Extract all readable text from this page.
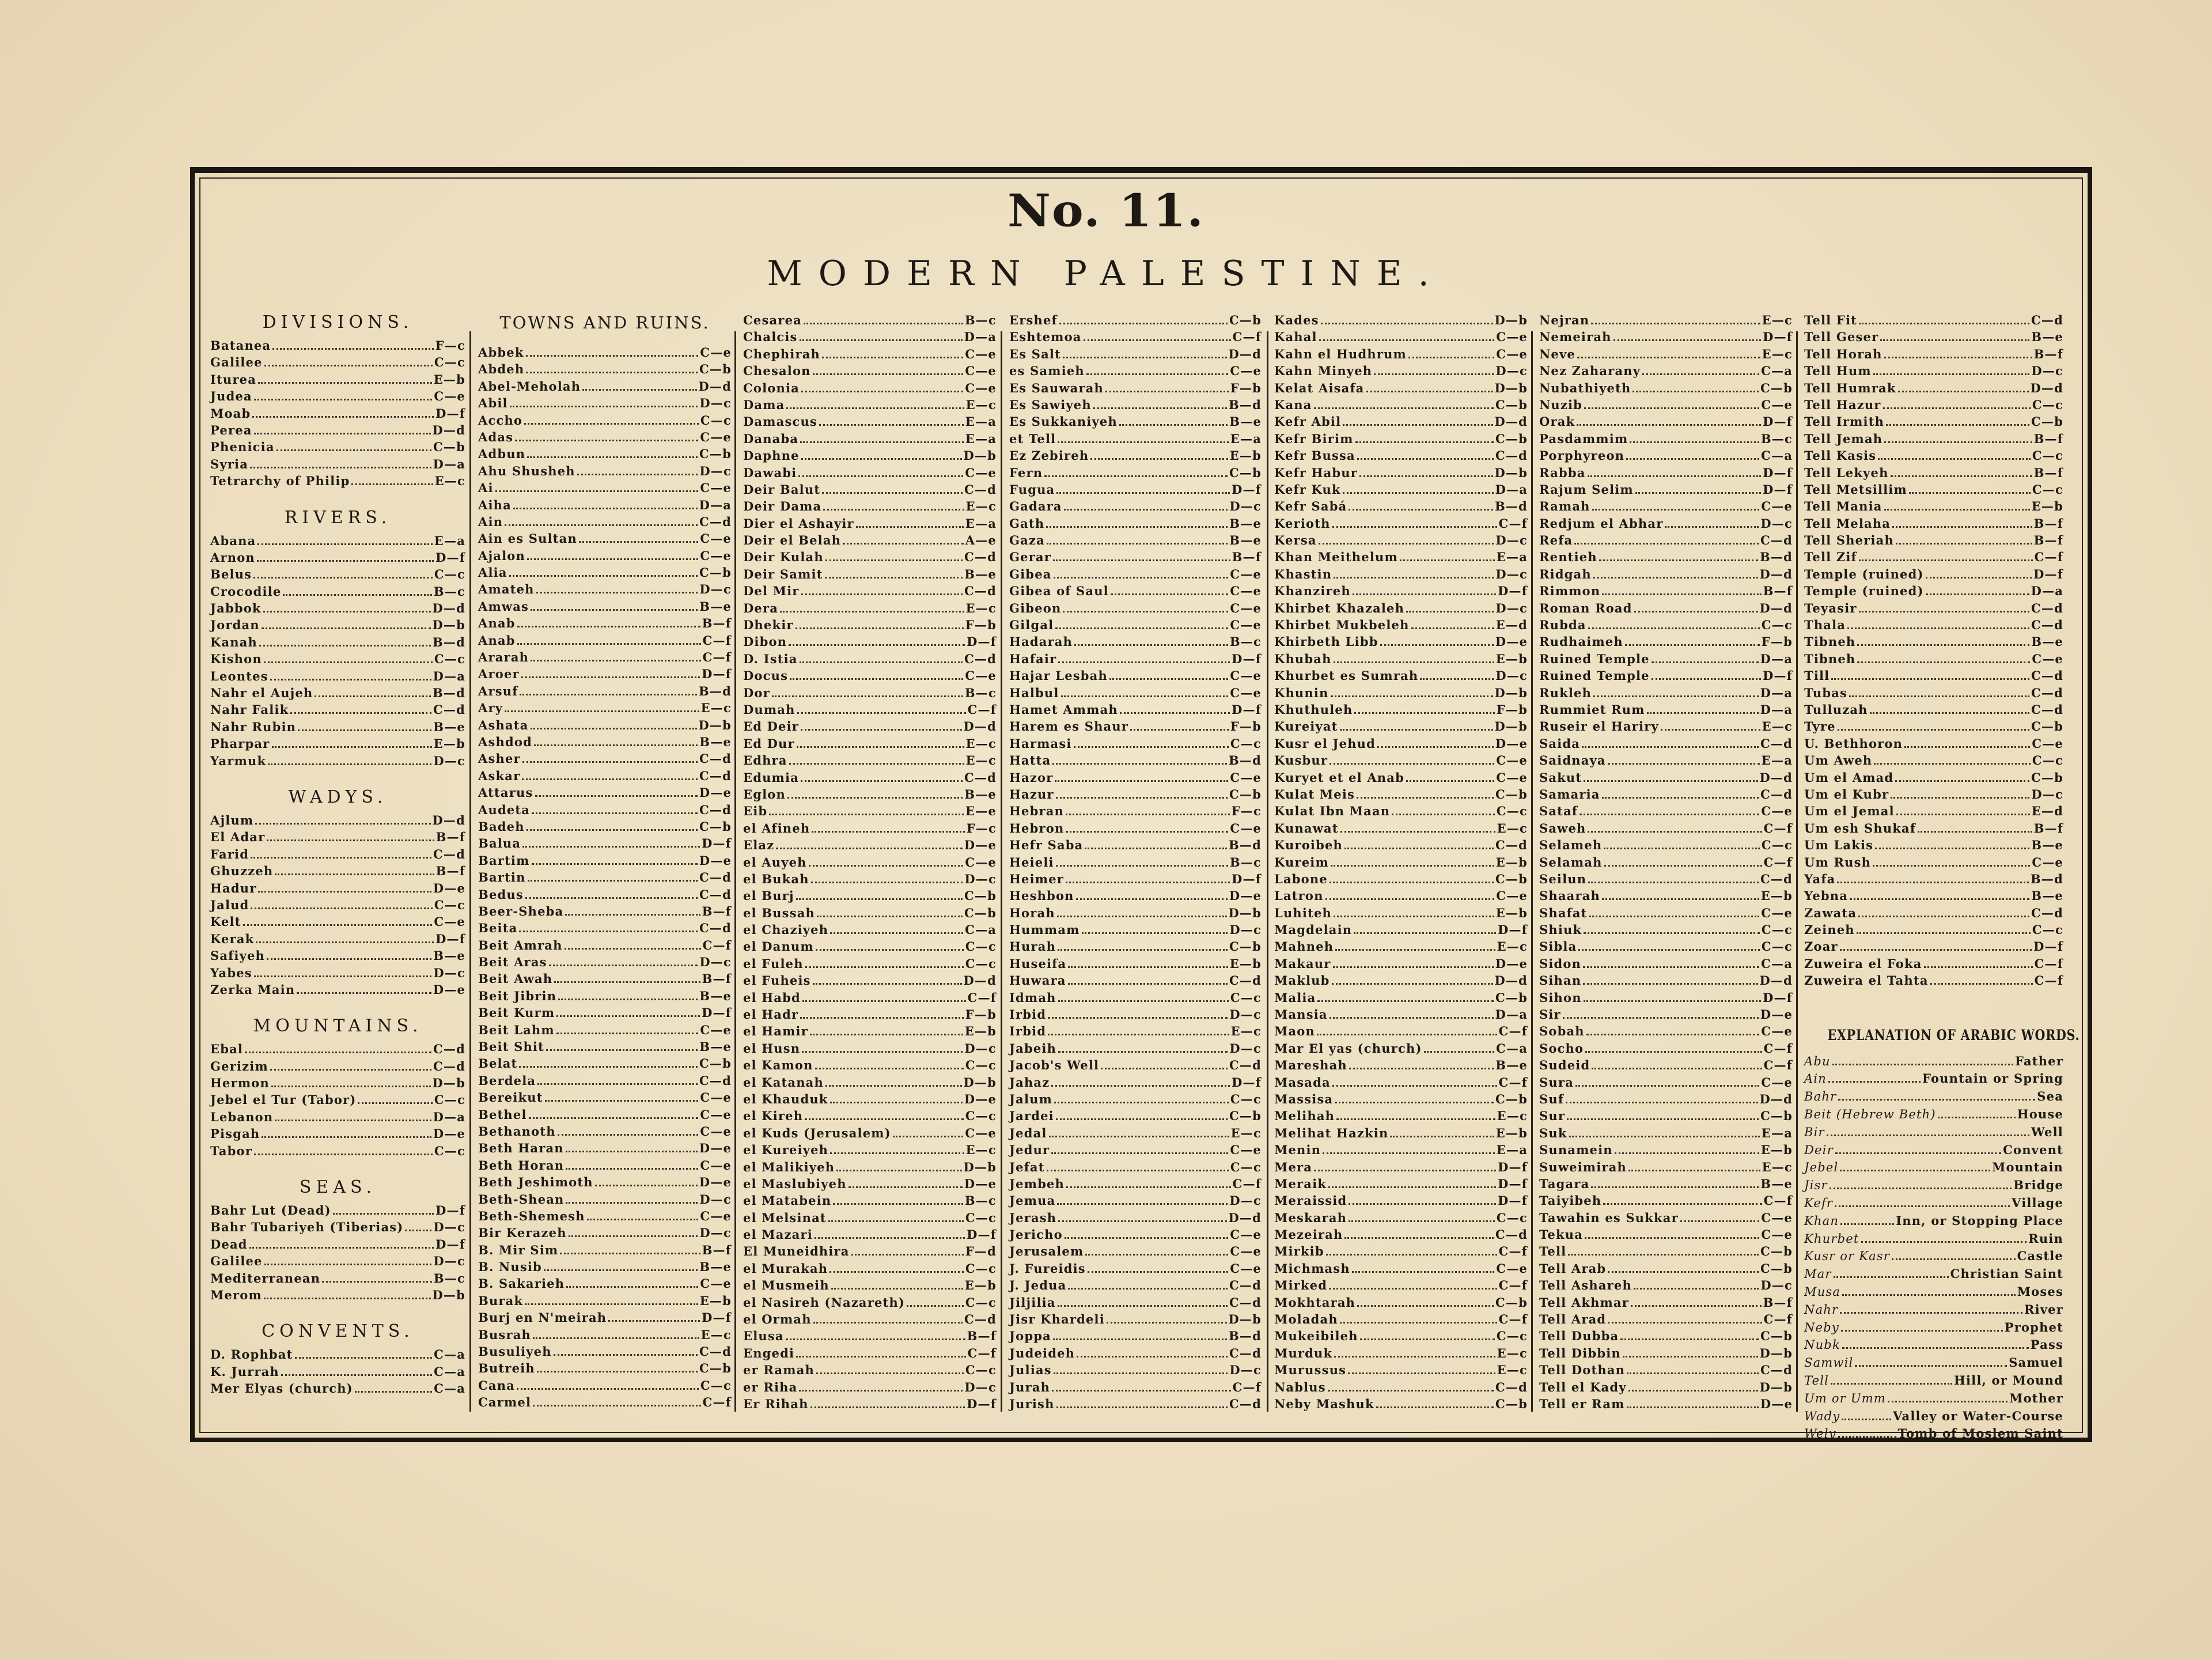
No. 11.
MODERN PALESTINE.
DIVISIONS.
Batanea	F—c
Galilee	C—c
Iturea	E—b
Judea	C—e
Moab	D—f
Perea	D—d
Phenicia	C—b
Syria	D—a
Tetrarchy of Philip	E—c
RIVERS.
Abana	E—a
Arnon	D—f
Belus	C—c
Crocodile	B—c
Jabbok	D—d
Jordan	D—b
Kanah	B—d
Kishon	C—c
Leontes	D—a
Nahr el Aujeh	B—d
Nahr Falik	C—d
Nahr Rubin	B—e
Pharpar	E—b
Yarmuk	D—c
WADYS.
Ajlum	D—d
El Adar	B—f
Farid	C—d
Ghuzzeh	B—f
Hadur	D—e
Jalud	C—c
Kelt	C—e
Kerak	D—f
Safiyeh	B—e
Yabes	D—c
Zerka Main	D—e
MOUNTAINS.
Ebal	C—d
Gerizim	C—d
Hermon	D—b
Jebel el Tur (Tabor)	C—c
Lebanon	D—a
Pisgah	D—e
Tabor	C—c
SEAS.
Bahr Lut (Dead)	D—f
Bahr Tubariyeh (Tiberias) D—c
Dead	D—f
Galilee	D—c
Mediterranean	B—c
Merom	D—b
CONVENTS.
D. Rophbat	C—a
K. Jurrah	C—a
Mer Elyas (church)	C—a
TOWNS AND RUINS.
Abbek	C—e
Abdeh	C—b
Abel-Meholah	D—d
Abil	D—c
Accho	C—c
Adas	C—e
Adbun	C—b
Ahu Shusheh	D—c
Ai	C—e
Aiha	D—a
Ain	C—d
Ain es Sultan	C—e
Ajalon	C—e
Alia	C—b
Amateh	D—c
Amwas	B—e
Anab	B—f
Anab	C—f
Ararah	C—f
Aroer	D—f
Arsuf	B—d
Ary	E—c
Ashata	D—b
Ashdod	B—e
Asher	C—d
Askar	C—d
Attarus	D—e
Audeta	C—d
Badeh	C—b
Balua	D—f
Bartim	D—e
Bartin	C—d
Bedus	C—d
Beer-Sheba	B—f
Beita	C—d
Beit Amrah	C—f
Beit Aras	D—c
Beit Awah	B—f
Beit Jibrin	B—e
Beit Kurm	D—f
Beit Lahm	C—e
Beit Shit	B—e
Belat	C—b
Berdela	C—d
Bereikut	C—e
Bethel	C—e
Bethanoth	C—e
Beth Haran	D—e
Beth Horan	C—e
Beth Jeshimoth	D—e
Beth-Shean	D—c
Beth-Shemesh	C—e
Bir Kerazeh	D—c
B. Mir Sim	B—f
B. Nusib	B—e
B. Sakarieh	C—e
Burak	E—b
Burj en N'meirah	D—f
Busrah	E—c
Busuliyeh	C—d
Butreih	C—b
Cana	C—c
Carmel	C—f
Cesarea	B—c
Chalcis	D—a
Chephirah	C—e
Chesalon	C—e
Colonia	C—e
Dama	E—c
Damascus	E—a
Danaba	E—a
Daphne	D—b
Dawabi	C—e
Deir Balut	C—d
Deir Dama	E—c
Dier el Ashayir	E—a
Deir el Belah	A—e
Deir Kulah	C—d
Deir Samit	B—e
Del Mir	C—d
Dera	E—c
Dhekir	F—b
Dibon	D—f
D. Istia	C—d
Docus	C—e
Dor	B—c
Dumah	C—f
Ed Deir	D—d
Ed Dur	E—c
Edhra	E—c
Edumia	C—d
Eglon	B—e
Eib	E—e
el Afineh	F—c
Elaz	D—e
el Auyeh	C—e
el Bukah	D—c
el Burj	C—b
el Bussah	C—b
el Chaziyeh	C—a
el Danum	C—c
el Fuleh	C—c
el Fuheis	D—d
el Habd	C—f
el Hadr	F—b
el Hamir	E—b
el Husn	D—c
el Kamon	C—c
el Katanah	D—b
el Khauduk	D—e
el Kireh	C—c
el Kuds (Jerusalem)	C—e
el Kureiyeh	E—c
el Malikiyeh	D—b
el Maslubiyeh	D—e
el Matabein	B—c
el Melsinat	C—c
el Mazari	D—f
El Muneidhira	F—d
el Murakah	C—c
el Musmeih	E—b
el Nasireh (Nazareth)	C—c
el Ormah	C—d
Elusa	B—f
Engedi	C—f
er Ramah	C—c
er Riha	D—c
Er Rihah	D—f
Ershef	C—b
Eshtemoa	C—f
Es Salt	D—d
es Samieh	C—e
Es Sauwarah	F—b
Es Sawiyeh	B—d
Es Sukkaniyeh	B—e
et Tell	E—a
Ez Zebireh	E—b
Fern	C—b
Fugua	D—f
Gadara	D—c
Gath	B—e
Gaza	B—e
Gerar	B—f
Gibea	C—e
Gibea of Saul	C—e
Gibeon	C—e
Gilgal	C—e
Hadarah	B—c
Hafair	D—f
Hajar Lesbah	C—e
Halbul	C—e
Hamet Ammah	D—f
Harem es Shaur	F—b
Harmasi	C—c
Hatta	B—d
Hazor	C—e
Hazur	C—b
Hebran	F—c
Hebron	C—e
Hefr Saba	B—d
Heieli	B—c
Heimer	D—f
Heshbon	D—e
Horah	D—b
Hummam	D—c
Hurah	C—b
Huseifa	E—b
Huwara	C—d
Idmah	C—c
Irbid	D—c
Irbid	E—c
Jabeih	D—c
Jacob's Well	C—d
Jahaz	D—f
Jalum	C—c
Jardei	C—b
Jedal	E—c
Jedur	C—e
Jefat	C—c
Jembeh	C—f
Jemua	D—c
Jerash	D—d
Jericho	C—e
Jerusalem	C—e
J. Fureidis	C—e
J. Jedua	C—d
Jiljilia	C—d
Jisr Khardeli	D—b
Joppa	B—d
Judeideh	C—d
Julias	D—c
Jurah	C—f
Jurish	C—d
Kades	D—b
Kahal	C—e
Kahn el Hudhrum	C—e
Kahn Minyeh	D—c
Kelat Aisafa	D—b
Kana	C—b
Kefr Abil	D—d
Kefr Birim	C—b
Kefr Bussa	C—d
Kefr Habur	D—b
Kefr Kuk	D—a
Kefr Sabá	B—d
Kerioth	C—f
Kersa	D—c
Khan Meithelum	E—a
Khastin	D—c
Khanzireh	D—f
Khirbet Khazaleh	D—c
Khirbet Mukbeleh	E—d
Khirbeth Libb	D—e
Khubah	E—b
Khurbet es Sumrah	D—c
Khunin	D—b
Khuthuleh	F—b
Kureiyat	D—b
Kusr el Jehud	D—e
Kusbur	C—e
Kuryet et el Anab	C—e
Kulat Meis	C—b
Kulat Ibn Maan	C—c
Kunawat	E—c
Kuroibeh	C—d
Kureim	E—b
Labone	C—b
Latron	C—e
Luhiteh	E—b
Magdelain	D—f
Mahneh	E—c
Makaur	D—e
Maklub	D—d
Malia	C—b
Mansia	D—a
Maon	C—f
Mar El yas (church)	C—a
Mareshah	B—e
Masada	C—f
Massisa	C—b
Melihah	E—c
Melihat Hazkin	E—b
Menin	E—a
Mera	D—f
Meraik	D—f
Meraissid	D—f
Meskarah	C—c
Mezeirah	C—d
Mirkib	C—f
Michmash	C—e
Mirked	C—f
Mokhtarah	C—b
Moladah	C—f
Mukeibileh	C—c
Murduk	E—c
Murussus	E—c
Nablus	C—d
Neby Mashuk	C—b
Nejran	E—c
Nemeirah	D—f
Neve	E—c
Nez Zaharany	C—a
Nubathiyeth	C—b
Nuzib	C—e
Orak	D—f
Pasdammim	B—c
Porphyreon	C—a
Rabba	D—f
Rajum Selim	D—f
Ramah	C—e
Redjum el Abhar	D—c
Refa	C—d
Rentieh	B—d
Ridgah	D—d
Rimmon	B—f
Roman Road	D—d
Rubda	C—c
Rudhaimeh	F—b
Ruined Temple	D—a
Ruined Temple	D—f
Rukleh	D—a
Rummiet Rum	D—a
Ruseir el Hariry	E—c
Saida	C—d
Saidnaya	E—a
Sakut	D—d
Samaria	C—d
Sataf	C—e
Saweh	C—f
Selameh	C—c
Selamah	C—f
Seilun	C—d
Shaarah	E—b
Shafat	C—e
Shiuk	C—c
Sibla	C—c
Sidon	C—a
Sihan	D—d
Sihon	D—f
Sir	D—e
Sobah	C—e
Socho	C—f
Sudeid	C—f
Sura	C—e
Suf	D—d
Sur	C—b
Suk	E—a
Sunamein	E—b
Suweimirah	E—c
Tagara	B—e
Taiyibeh	C—f
Tawahin es Sukkar	C—e
Tekua	C—e
Tell	C—b
Tell Arab	C—b
Tell Ashareh	D—c
Tell Akhmar	B—f
Tell Arad	C—f
Tell Dubba	C—b
Tell Dibbin	D—b
Tell Dothan	C—d
Tell el Kady	D—b
Tell er Ram	D—e
Tell Fit	C—d
Tell Geser	B—e
Tell Horah	B—f
Tell Hum	D—c
Tell Humrak	D—d
Tell Hazur	C—c
Tell Irmith	C—b
Tell Jemah	B—f
Tell Kasis	C—c
Tell Lekyeh	B—f
Tell Metsillim	C—c
Tell Mania	E—b
Tell Melaha	B—f
Tell Sheriah	B—f
Tell Zif	C—f
Temple (ruined)	D—f
Temple (ruined)	D—a
Teyasir	C—d
Thala	C—d
Tibneh	B—e
Tibneh	C—e
Till	C—d
Tubas	C—d
Tulluzah	C—d
Tyre	C—b
U. Bethhoron	C—e
Um Aweh	C—c
Um el Amad	C—b
Um el Kubr	D—c
Um el Jemal	E—d
Um esh Shukaf	B—f
Um Lakis	B—e
Um Rush	C—e
Yafa	B—d
Yebna	B—e
Zawata	C—d
Zeineh	C—c
Zoar	D—f
Zuweira el Foka	C—f
Zuweira el Tahta	C—f
EXPLANATION OF ARABIC WORDS.
Abu	Father
Ain	Fountain or Spring
Bahr	Sea
Beit (Hebrew Beth)	House
Bir	Well
Deir	Convent
Jebel	Mountain
Jisr	Bridge
Kefr	Village
Khan	Inn, or Stopping Place
Khurbet	Ruin
Kusr or Kasr	Castle
Mar	Christian Saint
Musa	Moses
Nahr	River
Neby	Prophet
Nubk	Pass
Samwil	Samuel
Tell	Hill, or Mound
Um or Umm	Mother
Wady	Valley or Water-Course
Wely	Tomb of Moslem Saint
